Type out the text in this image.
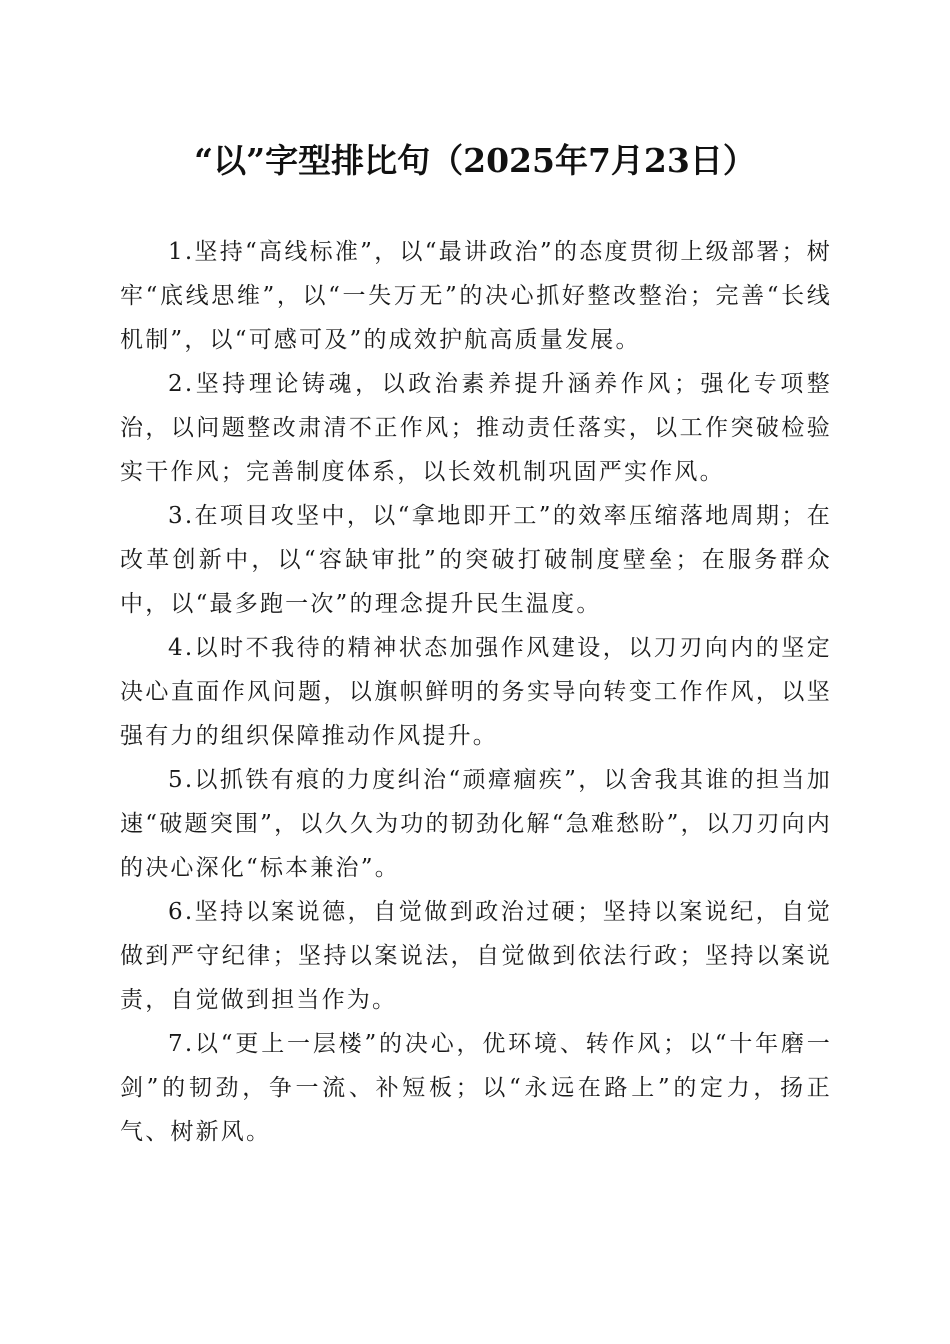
“以”字型排比句（2025年7月23日）

1.坚持“高线标准”，以“最讲政治”的态度贯彻上级部署；树牢“底线思维”，以“一失万无”的决心抓好整改整治；完善“长线机制”，以“可感可及”的成效护航高质量发展。

2.坚持理论铸魂，以政治素养提升涵养作风；强化专项整治，以问题整改肃清不正作风；推动责任落实，以工作突破检验实干作风；完善制度体系，以长效机制巩固严实作风。

3.在项目攻坚中，以“拿地即开工”的效率压缩落地周期；在改革创新中，以“容缺审批”的突破打破制度壁垒；在服务群众中，以“最多跑一次”的理念提升民生温度。

4.以时不我待的精神状态加强作风建设，以刀刃向内的坚定决心直面作风问题，以旗帜鲜明的务实导向转变工作作风，以坚强有力的组织保障推动作风提升。

5.以抓铁有痕的力度纠治“顽瘴痼疾”，以舍我其谁的担当加速“破题突围”，以久久为功的韧劲化解“急难愁盼”，以刀刃向内的决心深化“标本兼治”。

6.坚持以案说德，自觉做到政治过硬；坚持以案说纪，自觉做到严守纪律；坚持以案说法，自觉做到依法行政；坚持以案说责，自觉做到担当作为。

7.以“更上一层楼”的决心，优环境、转作风；以“十年磨一剑”的韧劲，争一流、补短板；以“永远在路上”的定力，扬正气、树新风。
